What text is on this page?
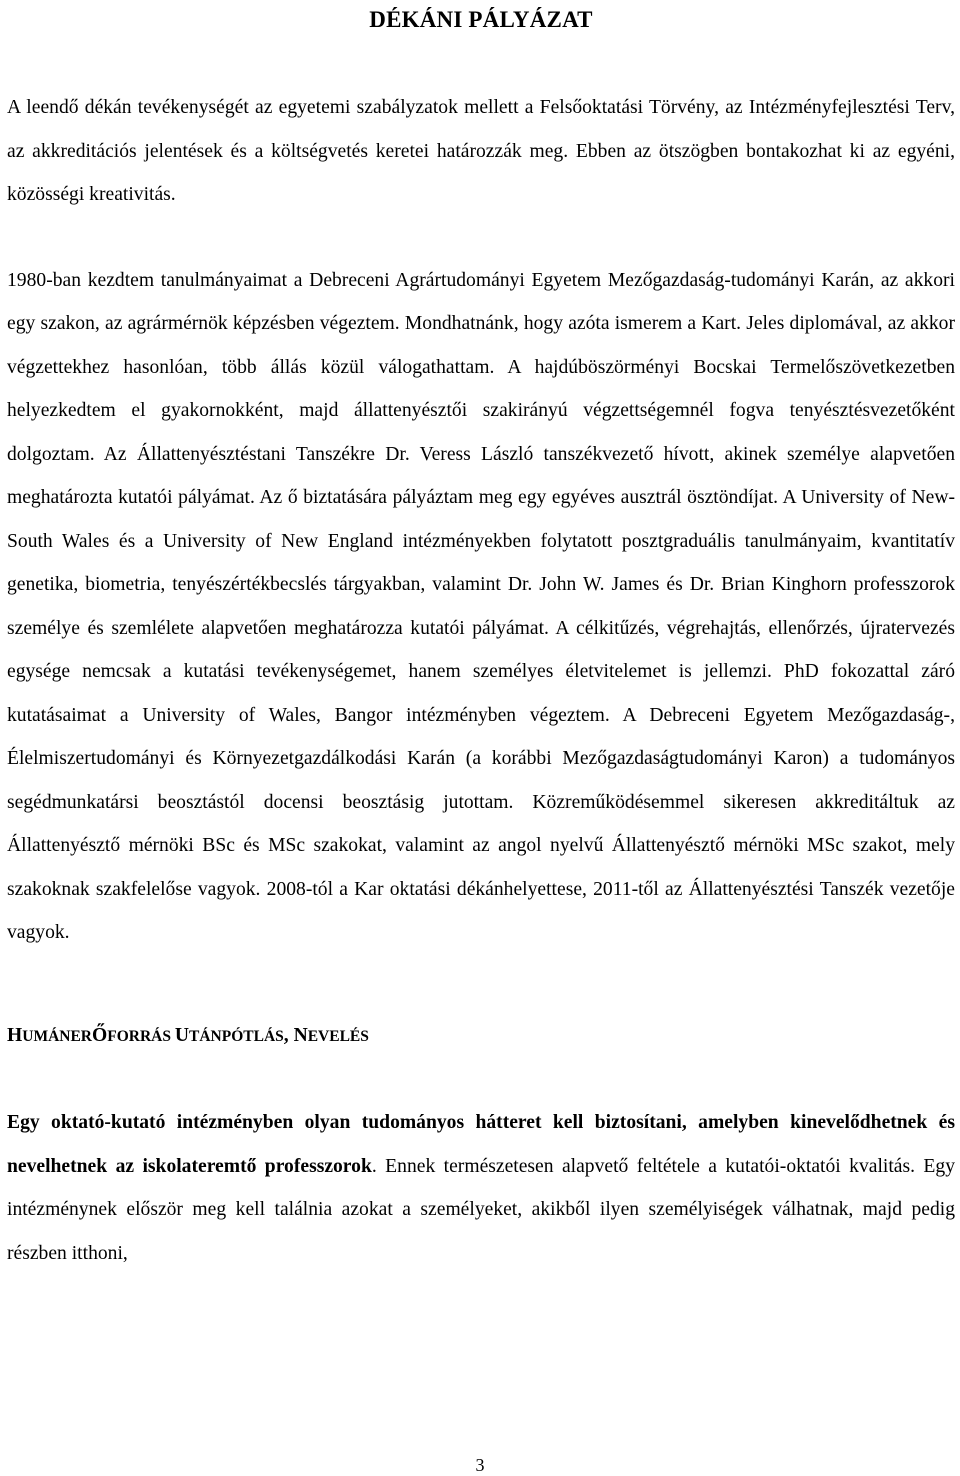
DÉKÁNI PÁLYÁZAT

A leendő dékán tevékenységét az egyetemi szabályzatok mellett a Felsőoktatási Törvény, az Intézményfejlesztési Terv, az akkreditációs jelentések és a költségvetés keretei határozzák meg. Ebben az ötszögben bontakozhat ki az egyéni, közösségi kreativitás.

1980-ban kezdtem tanulmányaimat a Debreceni Agrártudományi Egyetem Mezőgazdaság-tudományi Karán, az akkori egy szakon, az agrármérnök képzésben végeztem. Mondhatnánk, hogy azóta ismerem a Kart. Jeles diplomával, az akkor végzettekhez hasonlóan, több állás közül válogathattam. A hajdúböszörményi Bocskai Termelőszövetkezetben helyezkedtem el gyakornokként, majd állattenyésztői szakirányú végzettségemnél fogva tenyésztésvezetőként dolgoztam. Az Állattenyésztéstani Tanszékre Dr. Veress László tanszékvezető hívott, akinek személye alapvetően meghatározta kutatói pályámat. Az ő biztatására pályáztam meg egy egyéves ausztrál ösztöndíjat. A University of New-South Wales és a University of New England intézményekben folytatott posztgraduális tanulmányaim, kvantitatív genetika, biometria, tenyészértékbecslés tárgyakban, valamint Dr. John W. James és Dr. Brian Kinghorn professzorok személye és szemlélete alapvetően meghatározza kutatói pályámat. A célkitűzés, végrehajtás, ellenőrzés, újratervezés egysége nemcsak a kutatási tevékenységemet, hanem személyes életvitelemet is jellemzi. PhD fokozattal záró kutatásaimat a University of Wales, Bangor intézményben végeztem. A Debreceni Egyetem Mezőgazdaság-, Élelmiszertudományi és Környezetgazdálkodási Karán (a korábbi Mezőgazdaságtudományi Karon) a tudományos segédmunkatársi beosztástól docensi beosztásig jutottam. Közreműködésemmel sikeresen akkreditáltuk az Állattenyésztő mérnöki BSc és MSc szakokat, valamint az angol nyelvű Állattenyésztő mérnöki MSc szakot, mely szakoknak szakfelelőse vagyok. 2008-tól a Kar oktatási dékánhelyettese, 2011-től az Állattenyésztési Tanszék vezetője vagyok.

HUMÁNERŐFORRÁS UTÁNPÓTLÁS, NEVELÉS

Egy oktató-kutató intézményben olyan tudományos hátteret kell biztosítani, amelyben kinevelődhetnek és nevelhetnek az iskolateremtő professzorok. Ennek természetesen alapvető feltétele a kutatói-oktatói kvalitás. Egy intézménynek először meg kell találnia azokat a személyeket, akikből ilyen személyiségek válhatnak, majd pedig részben itthoni,

3
